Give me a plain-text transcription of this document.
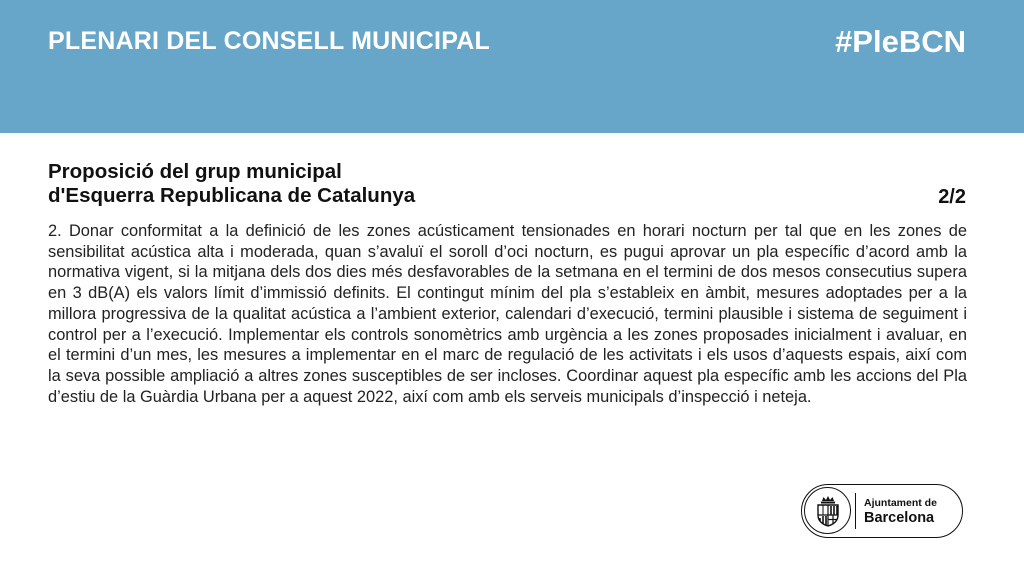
PLENARI DEL CONSELL MUNICIPAL	#PleBCN
Proposició del grup municipal
d'Esquerra Republicana de Catalunya	2/2

2. Donar conformitat a la definició de les zones acústicament tensionades en horari nocturn per tal que en les zones de sensibilitat acústica alta i moderada, quan s’avaluï el soroll d’oci nocturn, es pugui aprovar un pla específic d’acord amb la normativa vigent, si la mitjana dels dos dies més desfavorables de la setmana en el termini de dos mesos consecutius supera en 3 dB(A) els valors límit d’immissió definits. El contingut mínim del pla s’estableix en àmbit, mesures adoptades per a la millora progressiva de la qualitat acústica a l’ambient exterior, calendari d’execució, termini plausible i sistema de seguiment i control per a l’execució. Implementar els controls sonomètrics amb urgència a les zones proposades inicialment i avaluar, en el termini d’un mes, les mesures a implementar en el marc de regulació de les activitats i els usos d’aquests espais, així com la seva possible ampliació a altres zones susceptibles de ser incloses. Coordinar aquest pla específic amb les accions del Pla d’estiu de la Guàrdia Urbana per a aquest 2022, així com amb els serveis municipals d’inspecció i neteja.

Ajuntament de
Barcelona
